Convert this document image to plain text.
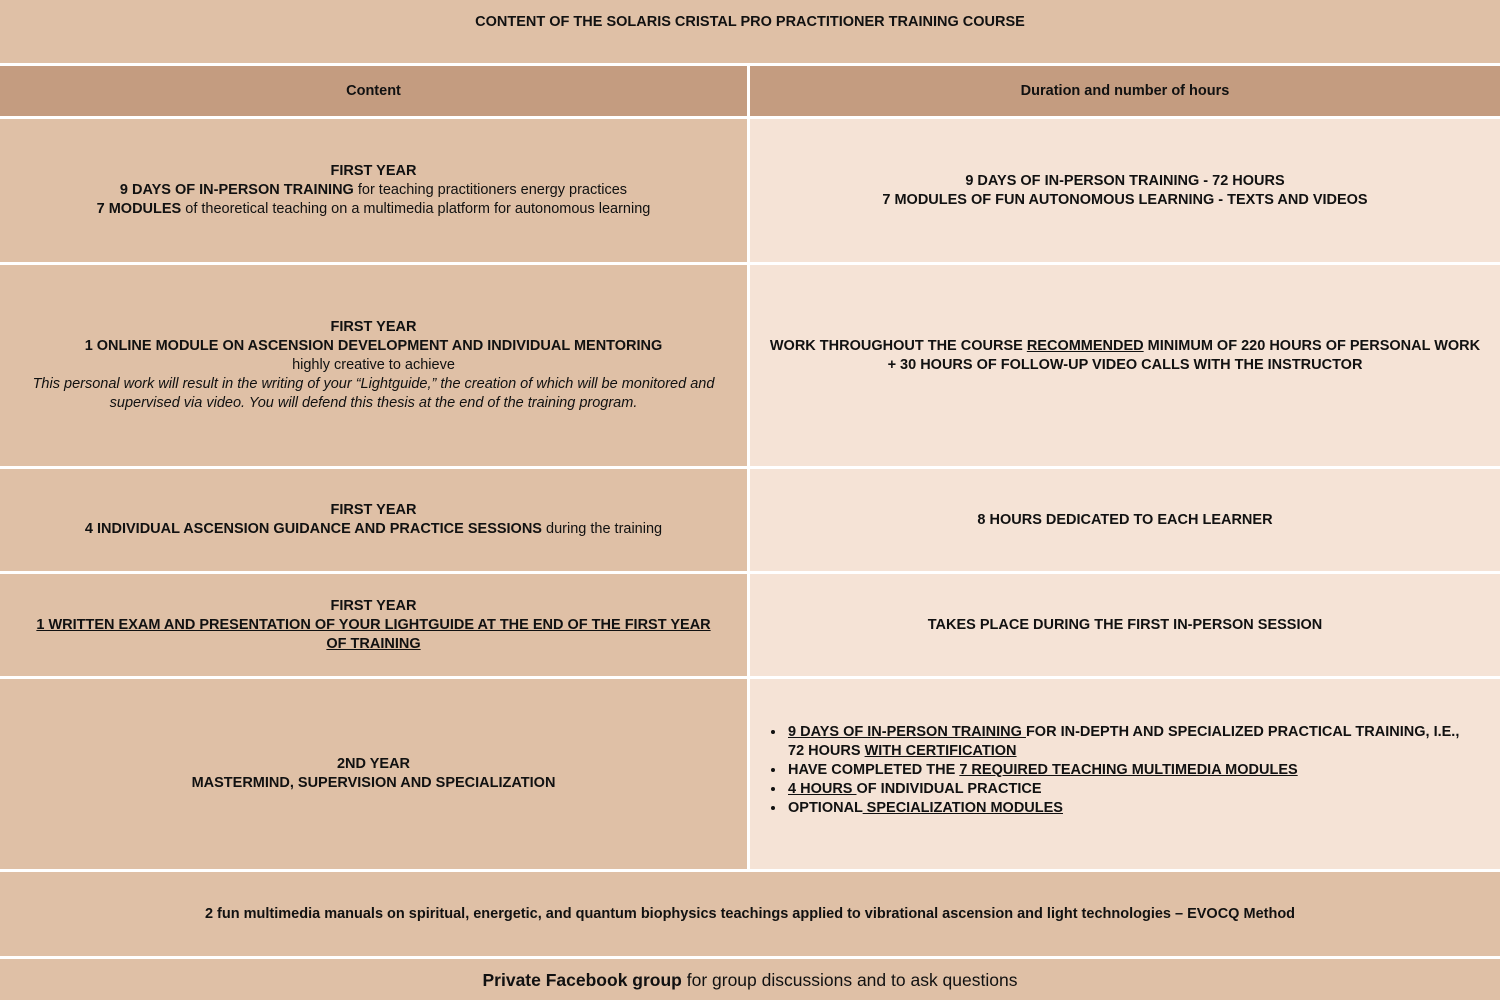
CONTENT OF THE SOLARIS CRISTAL PRO PRACTITIONER TRAINING COURSE
Content	Duration and number of hours
FIRST YEAR
9 DAYS OF IN-PERSON TRAINING for teaching practitioners energy practices
7 MODULES of theoretical teaching on a multimedia platform for autonomous learning
9 DAYS OF IN-PERSON TRAINING - 72 HOURS
7 MODULES OF FUN AUTONOMOUS LEARNING - TEXTS AND VIDEOS
FIRST YEAR
1 ONLINE MODULE ON ASCENSION DEVELOPMENT AND INDIVIDUAL MENTORING
highly creative to achieve
This personal work will result in the writing of your “Lightguide,” the creation of which will be monitored and supervised via video. You will defend this thesis at the end of the training program.
WORK THROUGHOUT THE COURSE RECOMMENDED MINIMUM OF 220 HOURS OF PERSONAL WORK + 30 HOURS OF FOLLOW-UP VIDEO CALLS WITH THE INSTRUCTOR
FIRST YEAR
4 INDIVIDUAL ASCENSION GUIDANCE AND PRACTICE SESSIONS during the training
8 HOURS DEDICATED TO EACH LEARNER
FIRST YEAR
1 WRITTEN EXAM AND PRESENTATION OF YOUR LIGHTGUIDE AT THE END OF THE FIRST YEAR OF TRAINING
TAKES PLACE DURING THE FIRST IN-PERSON SESSION
2ND YEAR
MASTERMIND, SUPERVISION AND SPECIALIZATION
• 9 DAYS OF IN-PERSON TRAINING FOR IN-DEPTH AND SPECIALIZED PRACTICAL TRAINING, I.E., 72 HOURS WITH CERTIFICATION
• HAVE COMPLETED THE 7 REQUIRED TEACHING MULTIMEDIA MODULES
• 4 HOURS OF INDIVIDUAL PRACTICE
• OPTIONAL SPECIALIZATION MODULES
2 fun multimedia manuals on spiritual, energetic, and quantum biophysics teachings applied to vibrational ascension and light technologies – EVOCQ Method
Private Facebook group for group discussions and to ask questions
